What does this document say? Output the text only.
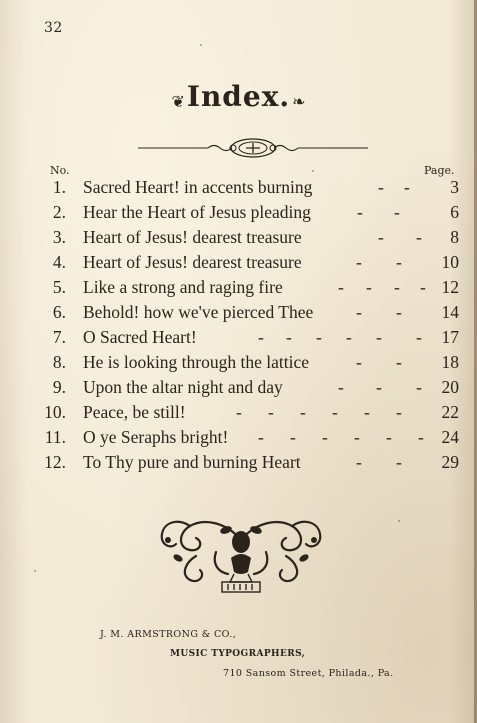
32
❦Index. ❧
No.	Page.
1. Sacred Heart! in accents burning	- -	3
2. Hear the Heart of Jesus pleading	- -	6
3. Heart of Jesus! dearest treasure	- -	8
4. Heart of Jesus! dearest treasure	- -	10
5. Like a strong and raging fire	- - - - 12
6. Behold! how we've pierced Thee - -	14
7. O Sacred Heart!	- - - - - -	17
8. He is looking through the lattice	- -	18
9. Upon the altar night and day	- - -	20
10. Peace, be still!	- - - - - -	22
11. O ye Seraphs bright! - - - - - -	24
12. To Thy pure and burning Heart	- -	29
J. M. ARMSTRONG & CO.,
MUSIC TYPOGRAPHERS,
710 Sansom Street, Philada., Pa.
